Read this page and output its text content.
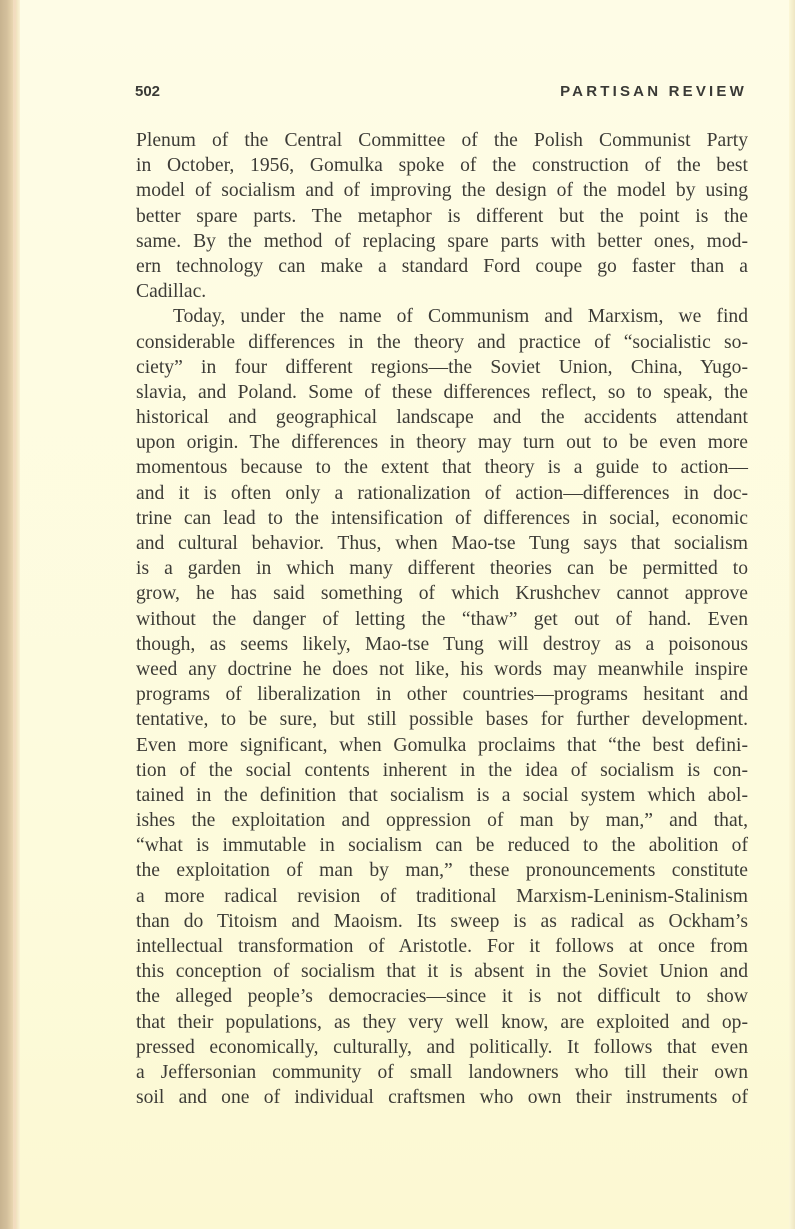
502	PARTISAN REVIEW
Plenum of the Central Committee of the Polish Communist Party
in October, 1956, Gomulka spoke of the construction of the best
model of socialism and of improving the design of the model by using
better spare parts. The metaphor is different but the point is the
same. By the method of replacing spare parts with better ones, mod-
ern technology can make a standard Ford coupe go faster than a
Cadillac.
Today, under the name of Communism and Marxism, we find
considerable differences in the theory and practice of “socialistic so-
ciety” in four different regions—the Soviet Union, China, Yugo-
slavia, and Poland. Some of these differences reflect, so to speak, the
historical and geographical landscape and the accidents attendant
upon origin. The differences in theory may turn out to be even more
momentous because to the extent that theory is a guide to action—
and it is often only a rationalization of action—differences in doc-
trine can lead to the intensification of differences in social, economic
and cultural behavior. Thus, when Mao-tse Tung says that socialism
is a garden in which many different theories can be permitted to
grow, he has said something of which Krushchev cannot approve
without the danger of letting the “thaw” get out of hand. Even
though, as seems likely, Mao-tse Tung will destroy as a poisonous
weed any doctrine he does not like, his words may meanwhile inspire
programs of liberalization in other countries—programs hesitant and
tentative, to be sure, but still possible bases for further development.
Even more significant, when Gomulka proclaims that “the best defini-
tion of the social contents inherent in the idea of socialism is con-
tained in the definition that socialism is a social system which abol-
ishes the exploitation and oppression of man by man,” and that,
“what is immutable in socialism can be reduced to the abolition of
the exploitation of man by man,” these pronouncements constitute
a more radical revision of traditional Marxism-Leninism-Stalinism
than do Titoism and Maoism. Its sweep is as radical as Ockham’s
intellectual transformation of Aristotle. For it follows at once from
this conception of socialism that it is absent in the Soviet Union and
the alleged people’s democracies—since it is not difficult to show
that their populations, as they very well know, are exploited and op-
pressed economically, culturally, and politically. It follows that even
a Jeffersonian community of small landowners who till their own
soil and one of individual craftsmen who own their instruments of
